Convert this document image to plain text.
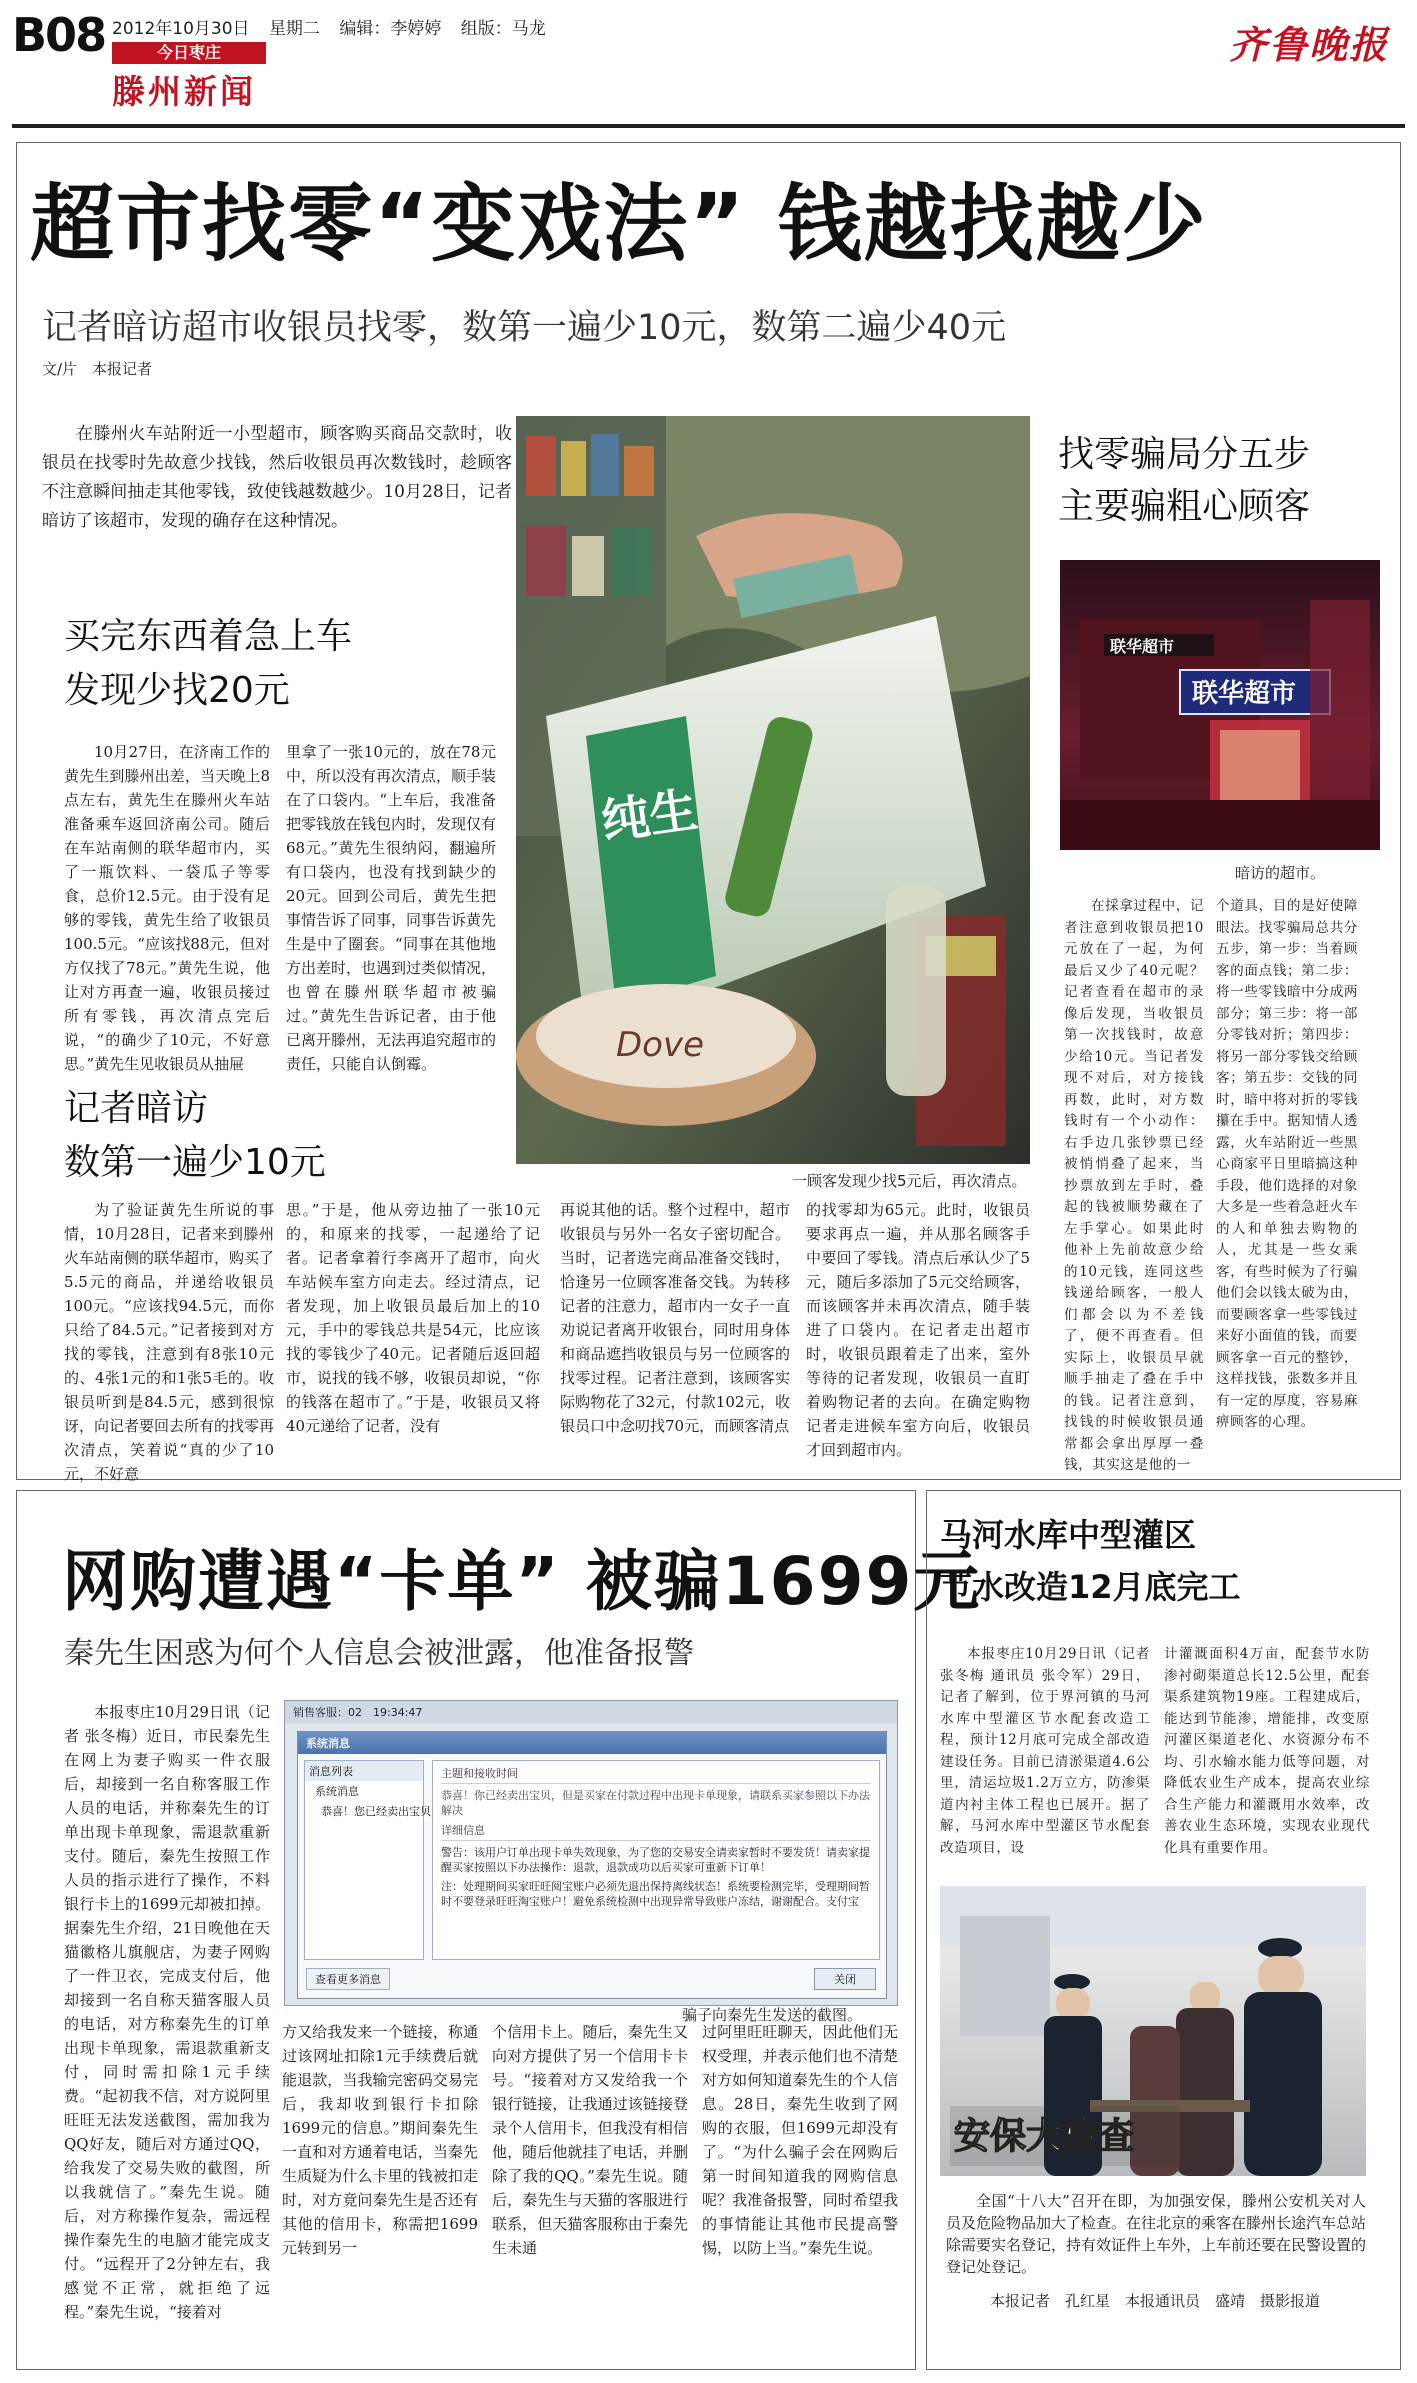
B08 2012年10月30日 星期二 编辑：李婷婷 组版：马龙
今日枣庄
滕州新闻
齐鲁晚报
超市找零“变戏法” 钱越找越少
记者暗访超市收银员找零，数第一遍少10元，数第二遍少40元
文/片　本报记者
在滕州火车站附近一小型超市，顾客购买商品交款时，收银员在找零时先故意少找钱，然后收银员再次数钱时，趁顾客不注意瞬间抽走其他零钱，致使钱越数越少。10月28日，记者暗访了该超市，发现的确存在这种情况。
买完东西着急上车
发现少找20元
10月27日，在济南工作的黄先生到滕州出差，当天晚上8点左右，黄先生在滕州火车站准备乘车返回济南公司。随后在车站南侧的联华超市内，买了一瓶饮料、一袋瓜子等零食，总价12.5元。由于没有足够的零钱，黄先生给了收银员100.5元。“应该找88元，但对方仅找了78元。”黄先生说，他让对方再查一遍，收银员接过所有零钱，再次清点完后说，“的确少了10元，不好意思。”黄先生见收银员从抽屉
里拿了一张10元的，放在78元中，所以没有再次清点，顺手装在了口袋内。“上车后，我准备把零钱放在钱包内时，发现仅有68元。”黄先生很纳闷，翻遍所有口袋内，也没有找到缺少的20元。回到公司后，黄先生把事情告诉了同事，同事告诉黄先生是中了圈套。“同事在其他地方出差时，也遇到过类似情况，也曾在滕州联华超市被骗过。”黄先生告诉记者，由于他已离开滕州，无法再追究超市的责任，只能自认倒霉。
记者暗访
数第一遍少10元
为了验证黄先生所说的事情，10月28日，记者来到滕州火车站南侧的联华超市，购买了5.5元的商品，并递给收银员100元。“应该找94.5元，而你只给了84.5元。”记者接到对方找的零钱，注意到有8张10元的、4张1元的和1张5毛的。收银员听到是84.5元，感到很惊讶，向记者要回去所有的找零再次清点，笑着说“真的少了10元，不好意
思。”于是，他从旁边抽了一张10元的，和原来的找零，一起递给了记者。记者拿着行李离开了超市，向火车站候车室方向走去。经过清点，记者发现，加上收银员最后加上的10元，手中的零钱总共是54元，比应该找的零钱少了40元。记者随后返回超市，说找的钱不够，收银员却说，“你的钱落在超市了。”于是，收银员又将40元递给了记者，没有
再说其他的话。整个过程中，超市收银员与另外一名女子密切配合。当时，记者选完商品准备交钱时，恰逢另一位顾客准备交钱。为转移记者的注意力，超市内一女子一直劝说记者离开收银台，同时用身体和商品遮挡收银员与另一位顾客的找零过程。记者注意到，该顾客实际购物花了32元，付款102元，收银员口中念叨找70元，而顾客清点
的找零却为65元。此时，收银员要求再点一遍，并从那名顾客手中要回了零钱。清点后承认少了5元，随后多添加了5元交给顾客，而该顾客并未再次清点，随手装进了口袋内。在记者走出超市时，收银员跟着走了出来，室外等待的记者发现，收银员一直盯着购物记者的去向。在确定购物记者走进候车室方向后，收银员才回到超市内。
纯生
Dove
一顾客发现少找5元后，再次清点。
找零骗局分五步
主要骗粗心顾客
联华超市
联华超市
暗访的超市。
在採拿过程中，记者注意到收银员把10元放在了一起，为何最后又少了40元呢？记者查看在超市的录像后发现，当收银员第一次找钱时，故意少给10元。当记者发现不对后，对方接钱再数，此时，对方数钱时有一个小动作：右手边几张钞票已经被悄悄叠了起来，当抄票放到左手时，叠起的钱被顺势藏在了左手掌心。如果此时他补上先前故意少给的10元钱，连同这些钱递给顾客，一般人们都会以为不差钱了，便不再查看。但实际上，收银员早就顺手抽走了叠在手中的钱。记者注意到，找钱的时候收银员通常都会拿出厚厚一叠钱，其实这是他的一
个道具，目的是好使障眼法。找零骗局总共分五步，第一步：当着顾客的面点钱；第二步：将一些零钱暗中分成两部分；第三步：将一部分零钱对折；第四步：将另一部分零钱交给顾客；第五步：交钱的同时，暗中将对折的零钱攥在手中。据知情人透露，火车站附近一些黑心商家平日里暗搞这种手段，他们选择的对象大多是一些着急赶火车的人和单独去购物的人，尤其是一些女乘客，有些时候为了行骗他们会以钱太破为由，而要顾客拿一些零钱过来好小面值的钱，而要顾客拿一百元的整钞，这样找钱，张数多并且有一定的厚度，容易麻痹顾客的心理。
网购遭遇“卡单” 被骗1699元
秦先生困惑为何个人信息会被泄露，他准备报警
本报枣庄10月29日讯（记者 张冬梅）近日，市民秦先生在网上为妻子购买一件衣服后，却接到一名自称客服工作人员的电话，并称秦先生的订单出现卡单现象，需退款重新支付。随后，秦先生按照工作人员的指示进行了操作，不料银行卡上的1699元却被扣掉。据秦先生介绍，21日晚他在天猫徽格儿旗舰店，为妻子网购了一件卫衣，完成支付后，他却接到一名自称天猫客服人员的电话，对方称秦先生的订单出现卡单现象，需退款重新支付，同时需扣除1元手续费。“起初我不信，对方说阿里旺旺无法发送截图，需加我为QQ好友，随后对方通过QQ，给我发了交易失败的截图，所以我就信了。”秦先生说。随后，对方称操作复杂，需远程操作秦先生的电脑才能完成支付。“远程开了2分钟左右，我感觉不正常，就拒绝了远程。”秦先生说，“接着对
方又给我发来一个链接，称通过该网址扣除1元手续费后就能退款，当我输完密码交易完后，我却收到银行卡扣除1699元的信息。”期间秦先生一直和对方通着电话，当秦先生质疑为什么卡里的钱被扣走时，对方竟问秦先生是否还有其他的信用卡，称需把1699元转到另一
个信用卡上。随后，秦先生又向对方提供了另一个信用卡卡号。“接着对方又发给我一个银行链接，让我通过该链接登录个人信用卡，但我没有相信他，随后他就挂了电话，并删除了我的QQ。”秦先生说。随后，秦先生与天猫的客服进行联系，但天猫客服称由于秦先生未通
过阿里旺旺聊天，因此他们无权受理，并表示他们也不清楚对方如何知道秦先生的个人信息。28日，秦先生收到了网购的衣服，但1699元却没有了。“为什么骗子会在网购后第一时间知道我的网购信息呢？我准备报警，同时希望我的事情能让其他市民提高警惕，以防上当。”秦先生说。
销售客服：02　19:34:47
系统消息
消息列表
系统消息
恭喜！您已经卖出宝贝
主题和接收时间
恭喜！你已经卖出宝贝，但是买家在付款过程中出现卡单现象，请联系买家参照以下办法解决
详细信息
警告：该用户订单出现卡单失效现象，为了您的交易安全请卖家暂时不要发货！请卖家提醒买家按照以下办法操作：退款，退款成功以后买家可重新下订单！
注：处理期间买家旺旺阅宝账户必须先退出保持离线状态！系统要检测完毕，受理期间暂时不要登录旺旺淘宝账户！避免系统检测中出现异常导致账户冻结，谢谢配合。支付宝
查看更多消息	关闭
骗子向秦先生发送的截图。
马河水库中型灌区
节水改造12月底完工
本报枣庄10月29日讯（记者 张冬梅 通讯员 张令军）29日，记者了解到，位于界河镇的马河水库中型灌区节水配套改造工程，预计12月底可完成全部改造建设任务。目前已清淤渠道4.6公里，清运垃圾1.2万立方，防渗渠道内衬主体工程也已展开。据了解，马河水库中型灌区节水配套改造项目，设
计灌溉面积4万亩，配套节水防渗衬砌渠道总长12.5公里，配套渠系建筑物19座。工程建成后，能达到节能渗，增能排，改变原河灌区渠道老化、水资源分布不均、引水输水能力低等问题，对降低农业生产成本，提高农业综合生产能力和灌溉用水效率，改善农业生态环境，实现农业现代化具有重要作用。
安保大检查
全国“十八大”召开在即，为加强安保，滕州公安机关对人员及危险物品加大了检查。在往北京的乘客在滕州长途汽车总站除需要实名登记，持有效证件上车外，上车前还要在民警设置的登记处登记。
本报记者　孔红星　本报通讯员　盛靖　摄影报道
